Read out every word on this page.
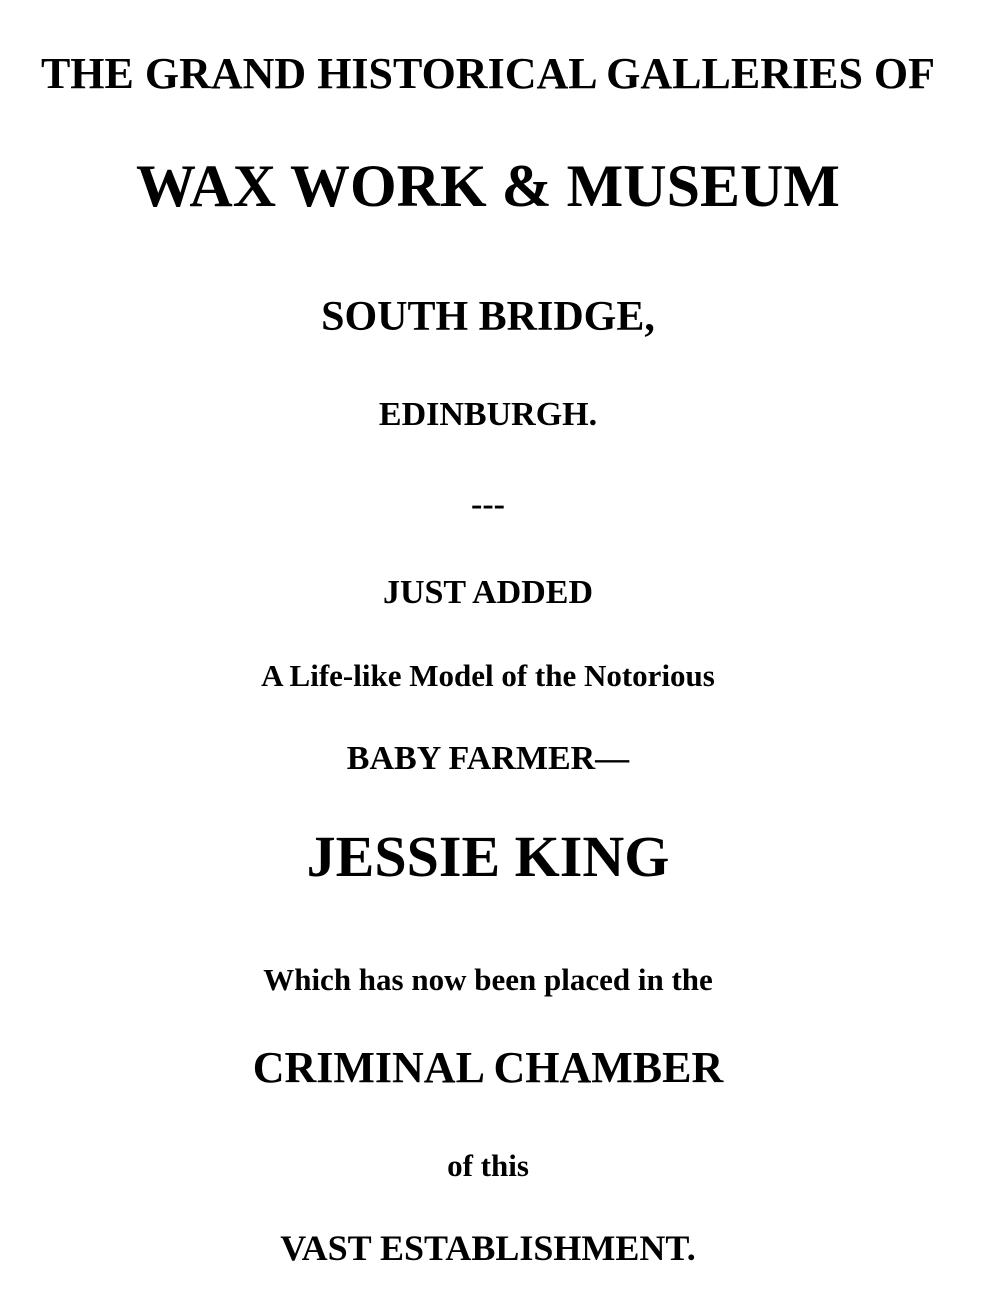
THE GRAND HISTORICAL GALLERIES OF
WAX WORK & MUSEUM
SOUTH BRIDGE,
EDINBURGH.
---
JUST ADDED
A Life-like Model of the Notorious
BABY FARMER—
JESSIE KING
Which has now been placed in the
CRIMINAL CHAMBER
of this
VAST ESTABLISHMENT.
